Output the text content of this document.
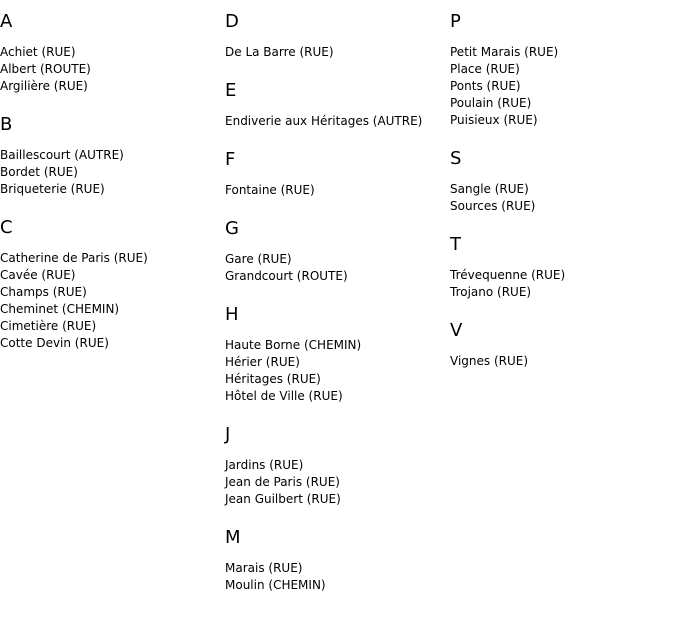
A
Achiet (RUE)
Albert (ROUTE)
Argilière (RUE)
B
Baillescourt (AUTRE)
Bordet (RUE)
Briqueterie (RUE)
C
Catherine de Paris (RUE)
Cavée (RUE)
Champs (RUE)
Cheminet (CHEMIN)
Cimetière (RUE)
Cotte Devin (RUE)
D
De La Barre (RUE)
E
Endiverie aux Héritages (AUTRE)
F
Fontaine (RUE)
G
Gare (RUE)
Grandcourt (ROUTE)
H
Haute Borne (CHEMIN)
Hérier (RUE)
Héritages (RUE)
Hôtel de Ville (RUE)
J
Jardins (RUE)
Jean de Paris (RUE)
Jean Guilbert (RUE)
M
Marais (RUE)
Moulin (CHEMIN)
P
Petit Marais (RUE)
Place (RUE)
Ponts (RUE)
Poulain (RUE)
Puisieux (RUE)
S
Sangle (RUE)
Sources (RUE)
T
Trévequenne (RUE)
Trojano (RUE)
V
Vignes (RUE)
